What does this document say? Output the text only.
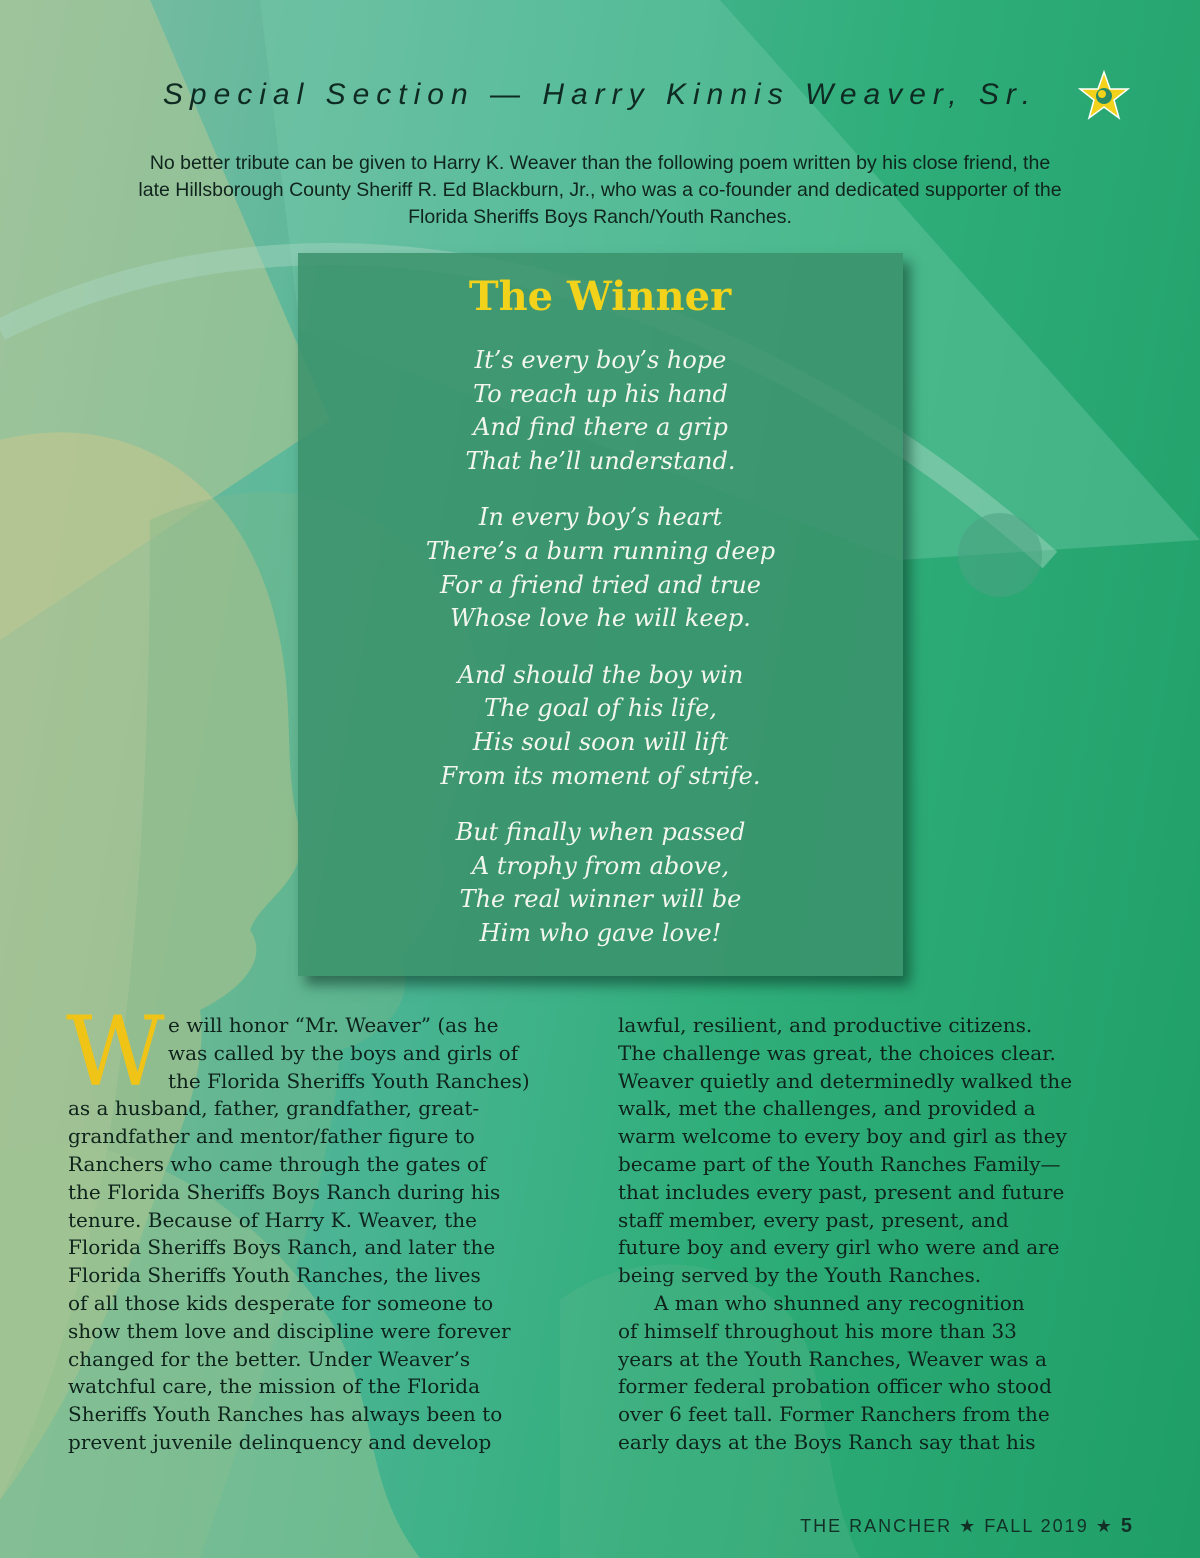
Special Section — Harry Kinnis Weaver, Sr.
No better tribute can be given to Harry K. Weaver than the following poem written by his close friend, the
late Hillsborough County Sheriff R. Ed Blackburn, Jr., who was a co-founder and dedicated supporter of the
Florida Sheriffs Boys Ranch/Youth Ranches.
The Winner
It’s every boy’s hope
To reach up his hand
And find there a grip
That he’ll understand.
In every boy’s heart
There’s a burn running deep
For a friend tried and true
Whose love he will keep.
And should the boy win
The goal of his life,
His soul soon will lift
From its moment of strife.
But finally when passed
A trophy from above,
The real winner will be
Him who gave love!
W e will honor “Mr. Weaver” (as he
was called by the boys and girls of
the Florida Sheriffs Youth Ranches)
as a husband, father, grandfather, great-
grandfather and mentor/father figure to
Ranchers who came through the gates of
the Florida Sheriffs Boys Ranch during his
tenure. Because of Harry K. Weaver, the
Florida Sheriffs Boys Ranch, and later the
Florida Sheriffs Youth Ranches, the lives
of all those kids desperate for someone to
show them love and discipline were forever
changed for the better. Under Weaver’s
watchful care, the mission of the Florida
Sheriffs Youth Ranches has always been to
prevent juvenile delinquency and develop
lawful, resilient, and productive citizens.
The challenge was great, the choices clear.
Weaver quietly and determinedly walked the
walk, met the challenges, and provided a
warm welcome to every boy and girl as they
became part of the Youth Ranches Family—
that includes every past, present and future
staff member, every past, present, and
future boy and every girl who were and are
being served by the Youth Ranches.
A man who shunned any recognition
of himself throughout his more than 33
years at the Youth Ranches, Weaver was a
former federal probation officer who stood
over 6 feet tall. Former Ranchers from the
early days at the Boys Ranch say that his
THE RANCHER ★ FALL 2019 ★ 5
